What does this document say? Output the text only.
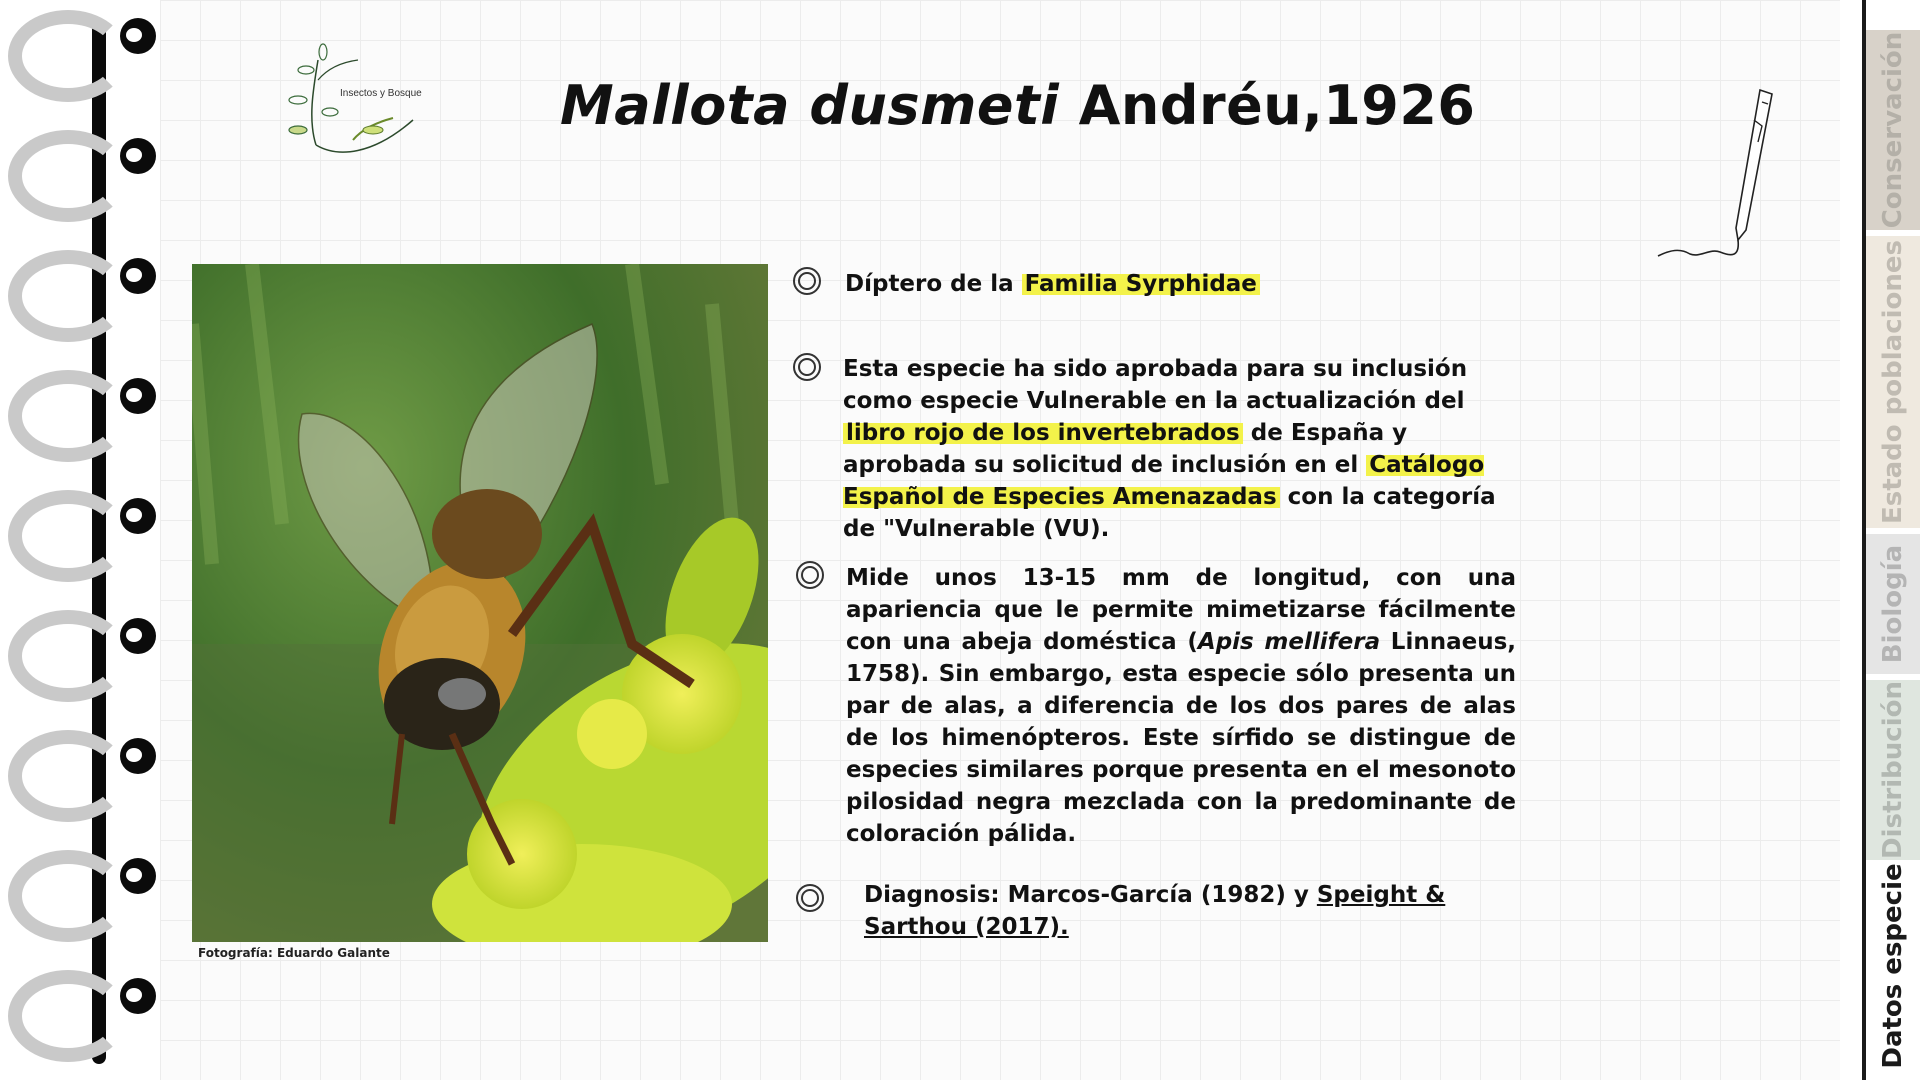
Insectos y Bosque	Mallota dusmeti Andréu,1926
Fotografía: Eduardo Galante
Díptero de la Familia Syrphidae
Esta especie ha sido aprobada para su inclusión como especie Vulnerable en la actualización del libro rojo de los invertebrados de España y aprobada su solicitud de inclusión en el Catálogo Español de Especies Amenazadas con la categoría de "Vulnerable (VU).
Mide unos 13-15 mm de longitud, con una apariencia que le permite mimetizarse fácilmente con una abeja doméstica (Apis mellifera Linnaeus, 1758). Sin embargo, esta especie sólo presenta un par de alas, a diferencia de los dos pares de alas de los himenópteros. Este sírfido se distingue de especies similares porque presenta en el mesonoto pilosidad negra mezclada con la predominante de coloración pálida.
Diagnosis: Marcos-García (1982) y Speight & Sarthou (2017).
Conservación
Estado poblaciones
Biología
Distribución
Datos especie
